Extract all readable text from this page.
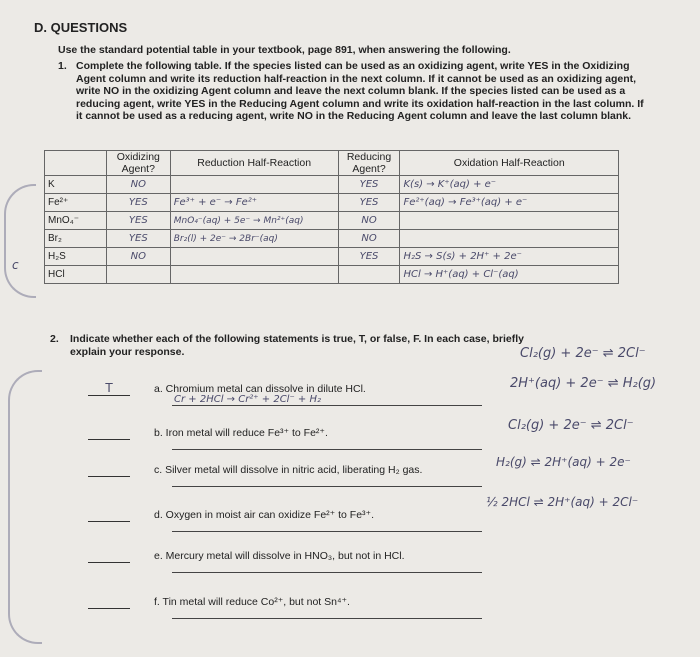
D. QUESTIONS
Use the standard potential table in your textbook, page 891, when answering the following.
1. Complete the following table. If the species listed can be used as an oxidizing agent, write YES in the Oxidizing Agent column and write its reduction half-reaction in the next column. If it cannot be used as an oxidizing agent, write NO in the oxidizing Agent column and leave the next column blank. If the species listed can be used as a reducing agent, write YES in the Reducing Agent column and write its oxidation half-reaction in the last column. If it cannot be used as a reducing agent, write NO in the Reducing Agent column and leave the last column blank.
	Oxidizing Agent?	Reduction Half-Reaction	Reducing Agent?	Oxidation Half-Reaction
K	NO		YES	K(s) → K⁺(aq) + e⁻
Fe²⁺	YES	Fe³⁺ + e⁻ → Fe²⁺	YES	Fe²⁺(aq) → Fe³⁺(aq) + e⁻
MnO₄⁻	YES	MnO₄⁻(aq) + 5e⁻ → Mn²⁺(aq)	NO	
Br₂	YES	Br₂(l) + 2e⁻ → 2Br⁻(aq)	NO	
H₂S	NO		YES	H₂S → S(s) + 2H⁺ + 2e⁻
HCl				HCl → H⁺(aq) + Cl⁻(aq)
2. Indicate whether each of the following statements is true, T, or false, F. In each case, briefly explain your response.
T	a. Chromium metal can dissolve in dilute HCl.
Cr + 2HCl → Cr²⁺ + 2Cl⁻ + H₂
b. Iron metal will reduce Fe³⁺ to Fe²⁺.
c. Silver metal will dissolve in nitric acid, liberating H₂ gas.
d. Oxygen in moist air can oxidize Fe²⁺ to Fe³⁺.
e. Mercury metal will dissolve in HNO₃, but not in HCl.
f. Tin metal will reduce Co²⁺, but not Sn⁴⁺.
Cl₂(g) + 2e⁻ ⇌ 2Cl⁻
2H⁺(aq) + 2e⁻ ⇌ H₂(g)
Cl₂(g) + 2e⁻ ⇌ 2Cl⁻
H₂(g) ⇌ 2H⁺(aq) + 2e⁻
½ 2HCl ⇌ 2H⁺(aq) + 2Cl⁻
c
